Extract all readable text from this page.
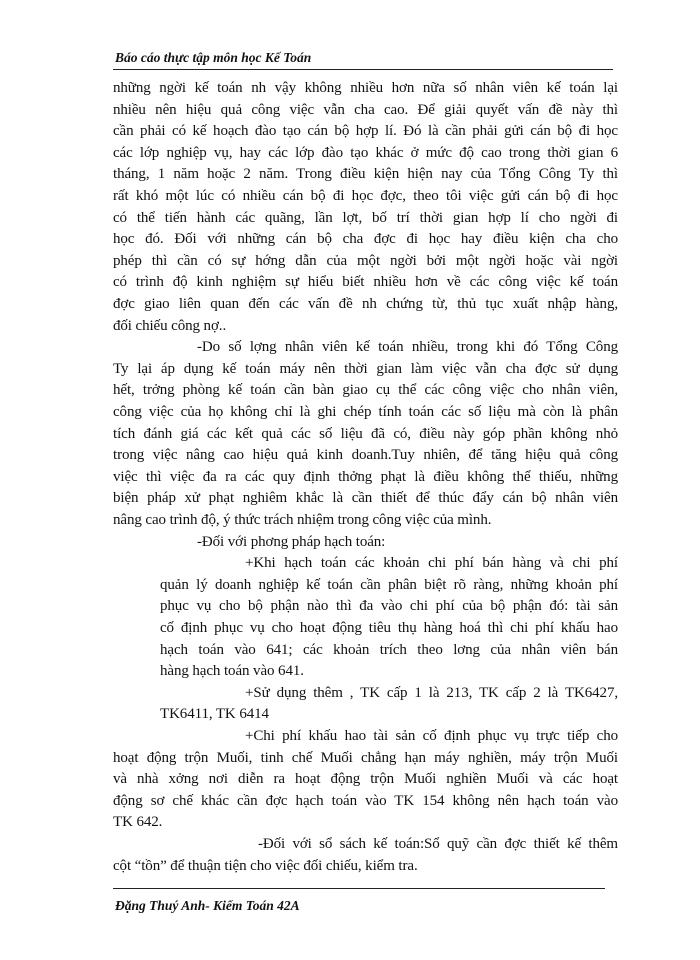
Báo cáo thực tập môn học Kế Toán
Đặng Thuý Anh- Kiểm Toán 42A
những ngời kế toán nh vậy không nhiều hơn nữa số nhân viên kế toán lại
nhiều nên hiệu quả công việc vẫn cha cao. Để giải quyết vấn đề này thì
cần phải có kế hoạch đào tạo cán bộ hợp lí. Đó là cần phải gửi cán bộ đi học
các lớp nghiệp vụ, hay các lớp đào tạo khác ở mức độ cao trong thời gian 6
tháng, 1 năm hoặc 2 năm. Trong điều kiện hiện nay của Tổng Công Ty thì
rất khó một lúc có nhiều cán bộ đi học đợc, theo tôi việc gửi cán bộ đi học
có thể tiến hành các quãng, lần lợt, bố trí thời gian hợp lí cho ngời đi
học đó. Đối với những cán bộ cha đợc đi học hay điều kiện cha cho
phép thì cần có sự hớng dẫn của một ngời bởi một ngời hoặc vài ngời
có trình độ kinh nghiệm sự hiểu biết nhiều hơn về các công việc kế toán
đợc giao liên quan đến các vấn đề nh chứng từ, thủ tục xuất nhập hàng,
đối chiếu công nợ..
-Do số lợng nhân viên kế toán nhiều, trong khi đó Tổng Công
Ty lại áp dụng kế toán máy nên thời gian làm việc vẫn cha đợc sử dụng
hết, trởng phòng kế toán cần bàn giao cụ thể các công việc cho nhân viên,
công việc của họ không chỉ là ghi chép tính toán các số liệu mà còn là phân
tích đánh giá các kết quả các số liệu đã có, điều này góp phần không nhỏ
trong việc nâng cao hiệu quả kinh doanh.Tuy nhiên, để tăng hiệu quả công
việc thì việc đa ra các quy định thởng phạt là điều không thể thiếu, những
biện pháp xử phạt nghiêm khắc là cần thiết để thúc đẩy cán bộ nhân viên
nâng cao trình độ, ý thức trách nhiệm trong công việc của mình.
-Đối với phơng pháp hạch toán:
+Khi hạch toán các khoản chi phí bán hàng và chi phí
quản lý doanh nghiệp kế toán cần phân biệt rõ ràng, những khoản phí
phục vụ cho bộ phận nào thì đa vào chi phí của bộ phận đó: tài sản
cố định phục vụ cho hoạt động tiêu thụ hàng hoá thì chi phí khấu hao
hạch toán vào 641; các khoản trích theo lơng của nhân viên bán
hàng hạch toán vào 641.
+Sử dụng thêm , TK cấp 1 là 213, TK cấp 2 là TK6427,
TK6411, TK 6414
+Chi phí khấu hao tài sản cố định phục vụ trực tiếp cho
hoạt động trộn Muối, tinh chế Muối chẳng hạn máy nghiền, máy trộn Muối
và nhà xởng nơi diễn ra hoạt động trộn Muối nghiền Muối và các hoạt
động sơ chế khác cần đợc hạch toán vào TK 154 không nên hạch toán vào
TK 642.
-Đối với sổ sách kế toán:Sổ quỹ cần đợc thiết kế thêm
cột “tồn” để thuận tiện cho việc đối chiếu, kiểm tra.
